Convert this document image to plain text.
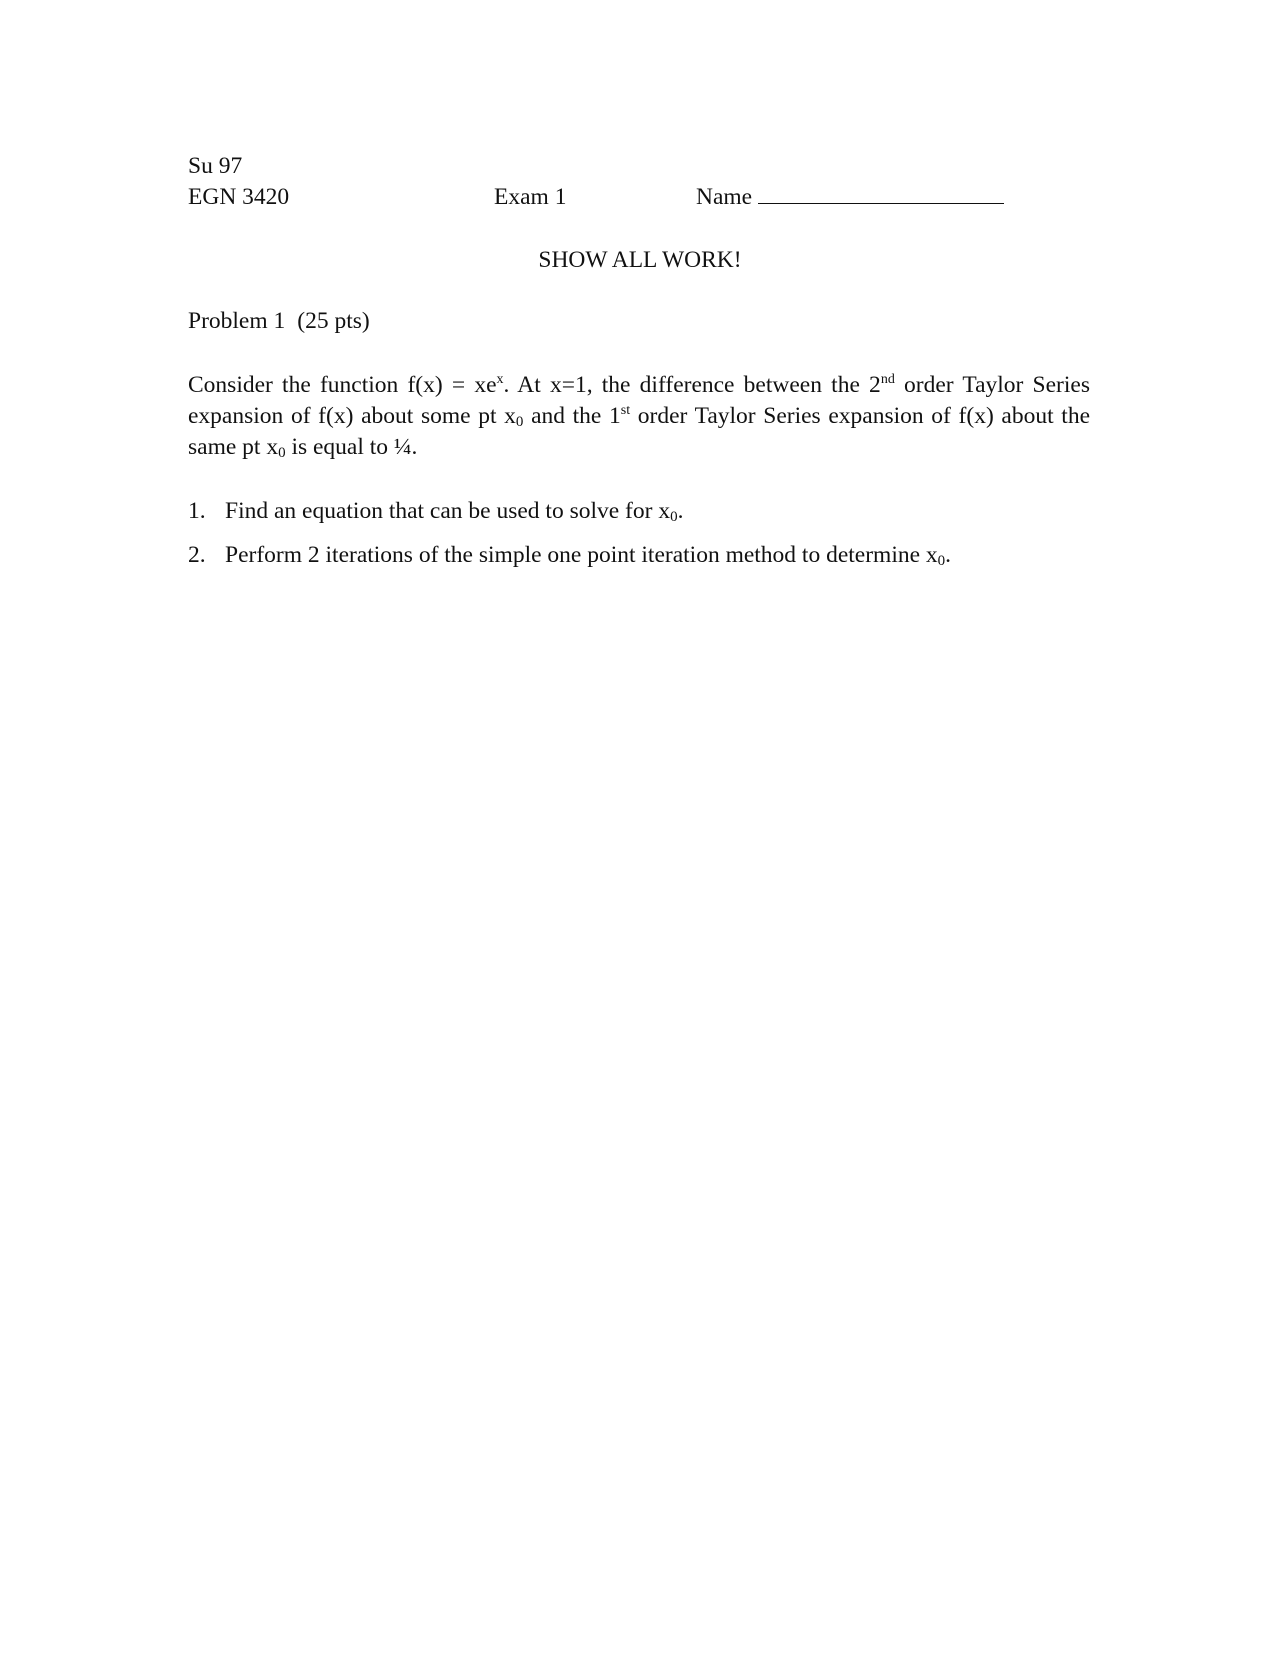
Su 97
EGN 3420	Exam 1	Name
SHOW ALL WORK!
Problem 1 (25 pts)
Consider the function $f(x) = xe^x$. At x=1, the difference between the 2nd order Taylor Series expansion of f(x) about some pt $x_0$ and the 1st order Taylor Series expansion of f(x) about the same pt $x_0$ is equal to ¼.
1. Find an equation that can be used to solve for $x_0$.
2. Perform 2 iterations of the simple one point iteration method to determine $x_0$.
